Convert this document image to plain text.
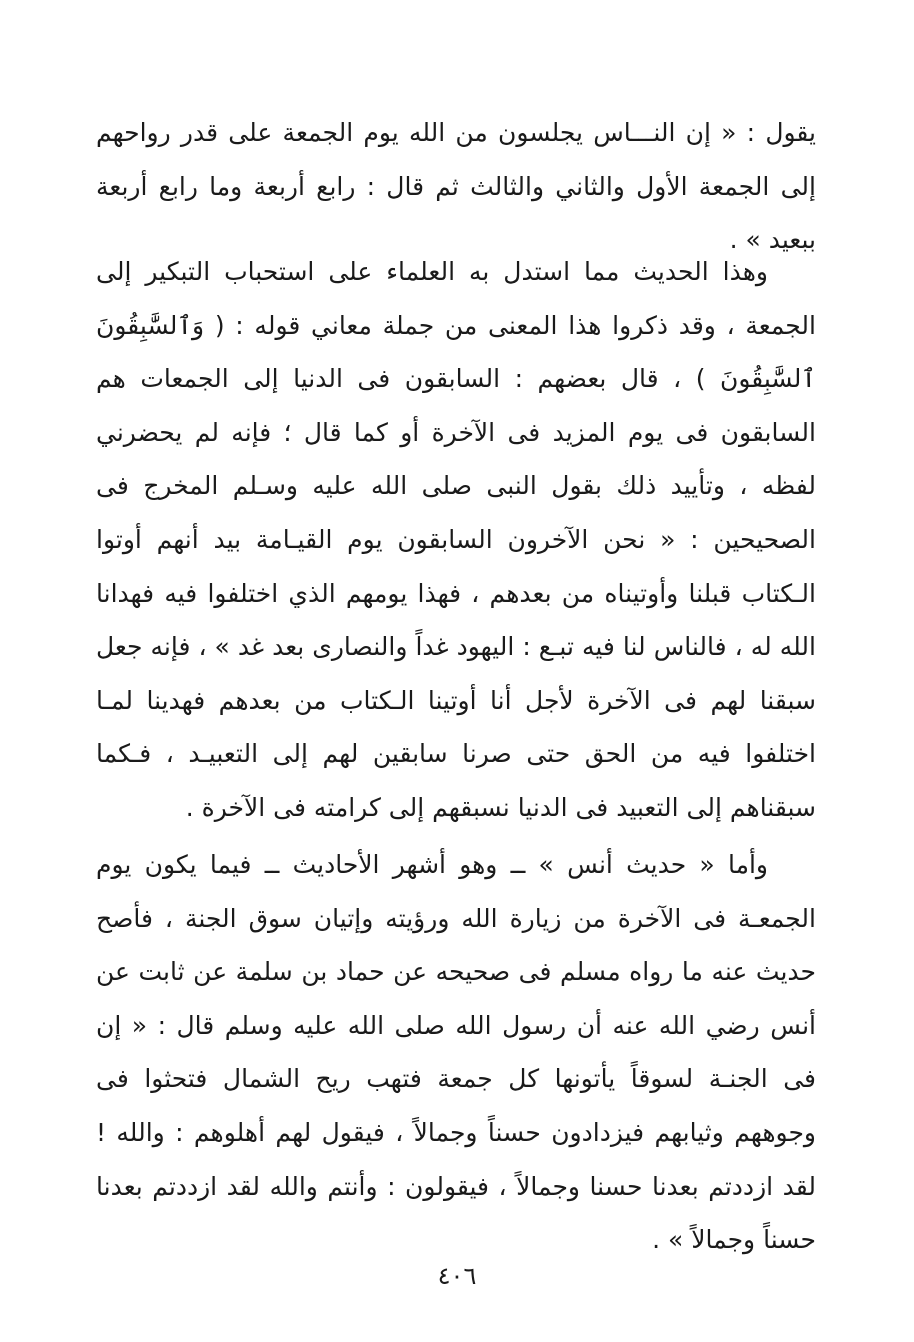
يقول : « إن النـــاس يجلسون من الله يوم الجمعة على قدر رواحهم إلى الجمعة الأول والثاني والثالث ثم قال : رابع أربعة وما رابع أربعة ببعيد » .

وهذا الحديث مما استدل به العلماء على استحباب التبكير إلى الجمعة ، وقد ذكروا هذا المعنى من جملة معاني قوله : ( وَٱلسَّٰبِقُونَ ٱلسَّٰبِقُونَ ) ، قال بعضهم : السابقون فى الدنيا إلى الجمعات هم السابقون فى يوم المزيد فى الآخرة أو كما قال ؛ فإنه لم يحضرني لفظه ، وتأييد ذلك بقول النبى صلى الله عليه وسـلم المخرج فى الصحيحين : « نحن الآخرون السابقون يوم القيـامة بيد أنهم أوتوا الـكتاب قبلنا وأوتيناه من بعدهم ، فهذا يومهم الذي اختلفوا فيه فهدانا الله له ، فالناس لنا فيه تبـع : اليهود غداً والنصارى بعد غد » ، فإنه جعل سبقنا لهم فى الآخرة لأجل أنا أوتينا الـكتاب من بعدهم فهدينا لمـا اختلفوا فيه من الحق حتى صرنا سابقين لهم إلى التعبيـد ، فـكما سبقناهم إلى التعبيد فى الدنيا نسبقهم إلى كرامته فى الآخرة .

وأما « حديث أنس » ــ وهو أشهر الأحاديث ــ فيما يكون يوم الجمعـة فى الآخرة من زيارة الله ورؤيته وإتيان سوق الجنة ، فأصح حديث عنه ما رواه مسلم فى صحيحه عن حماد بن سلمة عن ثابت عن أنس رضي الله عنه أن رسول الله صلى الله عليه وسلم قال : « إن فى الجنـة لسوقاً يأتونها كل جمعة فتهب ريح الشمال فتحثوا فى وجوههم وثيابهم فيزدادون حسناً وجمالاً ، فيقول لهم أهلوهم : والله ! لقد ازددتم بعدنا حسنا وجمالاً ، فيقولون : وأنتم والله لقد ازددتم بعدنا حسناً وجمالاً » .

٤٠٦
